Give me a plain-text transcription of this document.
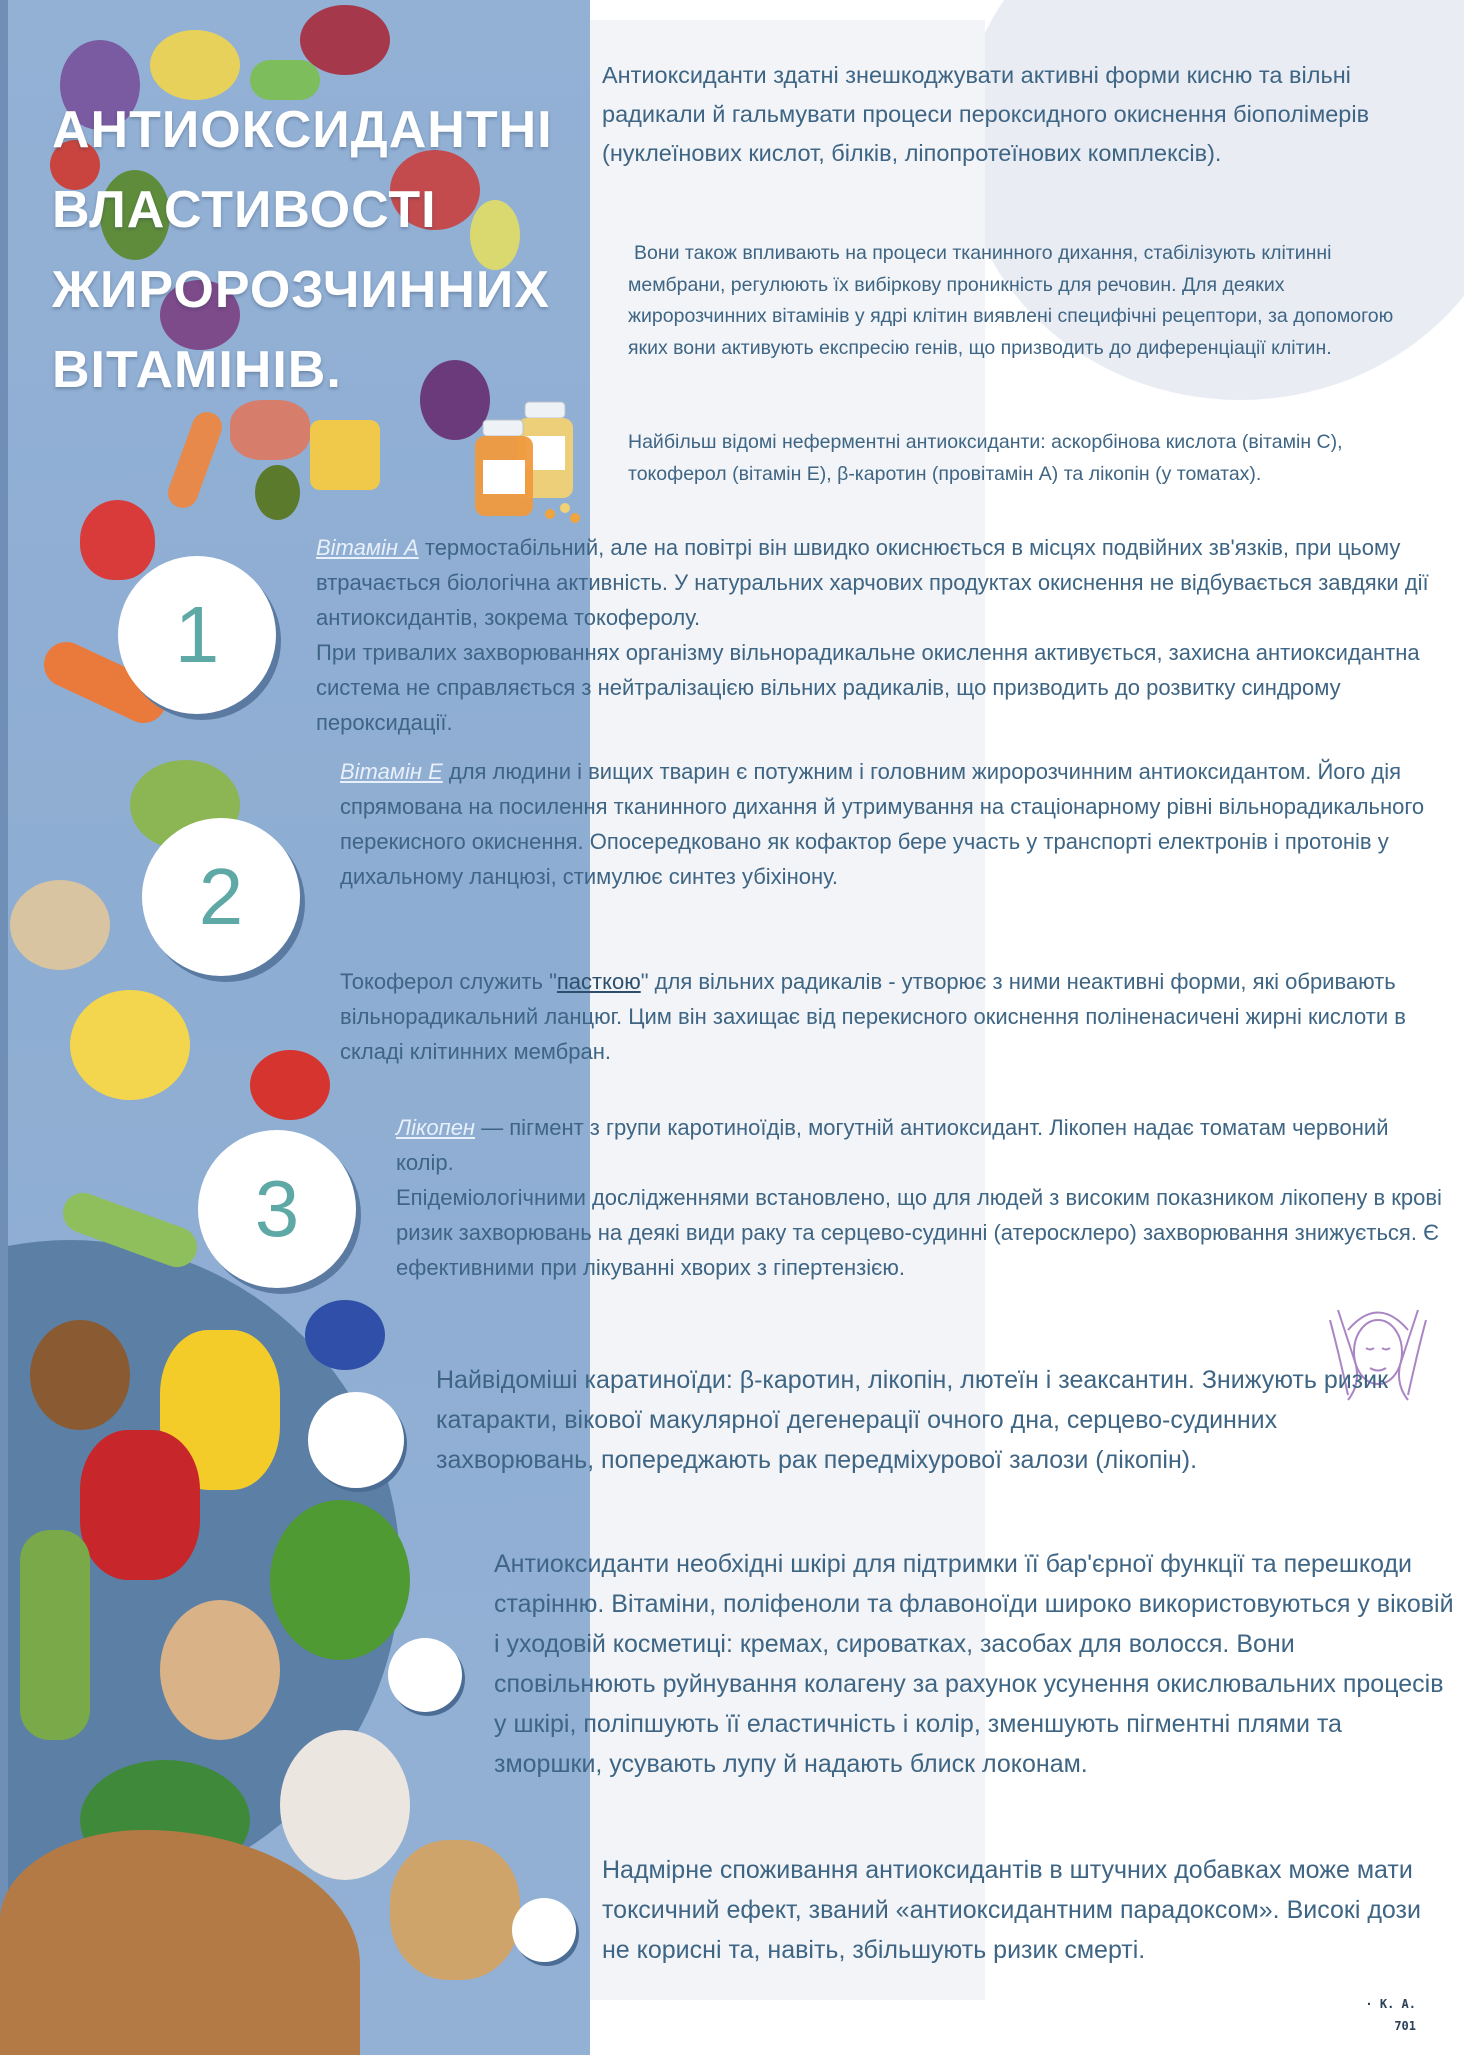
АНТИОКСИДАНТНІ
ВЛАСТИВОСТІ
ЖИРОРОЗЧИННИХ
ВІТАМІНІВ.
Антиоксиданти здатні знешкоджувати активні форми кисню та вільні радикали й гальмувати процеси пероксидного окиснення біополімерів (нуклеїнових кислот, білків, ліпопротеїнових комплексів).
Вони також впливають на процеси тканинного дихання, стабілізують клітинні мембрани, регулюють їх вибіркову проникність для речовин. Для деяких жиророзчинних вітамінів у ядрі клітин виявлені специфічні рецептори, за допомогою яких вони активують експресію генів, що призводить до диференціації клітин.
Найбільш відомі неферментні антиоксиданти: аскорбінова кислота (вітамін С), токоферол (вітамін Е), β-каротин (провітамін А) та лікопін (у томатах).
1
Вітамін А термостабільний, але на повітрі він швидко окиснюється в місцях подвійних зв'язків, при цьому втрачається біологічна активність. У натуральних харчових продуктах окиснення не відбувається завдяки дії антиоксидантів, зокрема токоферолу.
При тривалих захворюваннях організму вільнорадикальне окислення активується, захисна антиоксидантна система не справляється з нейтралізацією вільних радикалів, що призводить до розвитку синдрому пероксидації.
2
Вітамін Е для людини і вищих тварин є потужним і головним жиророзчинним антиоксидантом. Його дія спрямована на посилення тканинного дихання й утримування на стаціонарному рівні вільнорадикального перекисного окиснення. Опосередковано як кофактор бере участь у транспорті електронів і протонів у дихальному ланцюзі, стимулює синтез убіхінону.
Токоферол служить "пасткою" для вільних радикалів - утворює з ними неактивні форми, які обривають вільнорадикальний ланцюг. Цим він захищає від перекисного окиснення поліненасичені жирні кислоти в складі клітинних мембран.
3
Лікопен — пігмент з групи каротиноїдів, могутній антиоксидант. Лікопен надає томатам червоний колір.
Епідеміологічними дослідженнями встановлено, що для людей з високим показником лікопену в крові ризик захворювань на деякі види раку та серцево-судинні (атеросклеро) захворювання знижується. Є ефективними при лікуванні хворих з гіпертензією.
Найвідоміші каратиноїди: β-каротин, лікопін, лютеїн і зеаксантин. Знижують ризик катаракти, вікової макулярної дегенерації очного дна, серцево-судинних захворювань, попереджають рак передміхурової залози (лікопін).
Антиоксиданти необхідні шкірі для підтримки її бар'єрної функції та перешкоди старінню. Вітаміни, поліфеноли та флавоноїди широко використовуються у віковій і уходовій косметиці: кремах, сироватках, засобах для волосся. Вони сповільнюють руйнування колагену за рахунок усунення окислювальних процесів у шкірі, поліпшують її еластичність і колір, зменшують пігментні плями та зморшки, усувають лупу й надають блиск локонам.
Надмірне споживання антиоксидантів в штучних добавках може мати токсичний ефект, званий «антиоксидантним парадоксом». Високі дози не корисні та, навіть, збільшують ризик смерті.
· К. А.
701
